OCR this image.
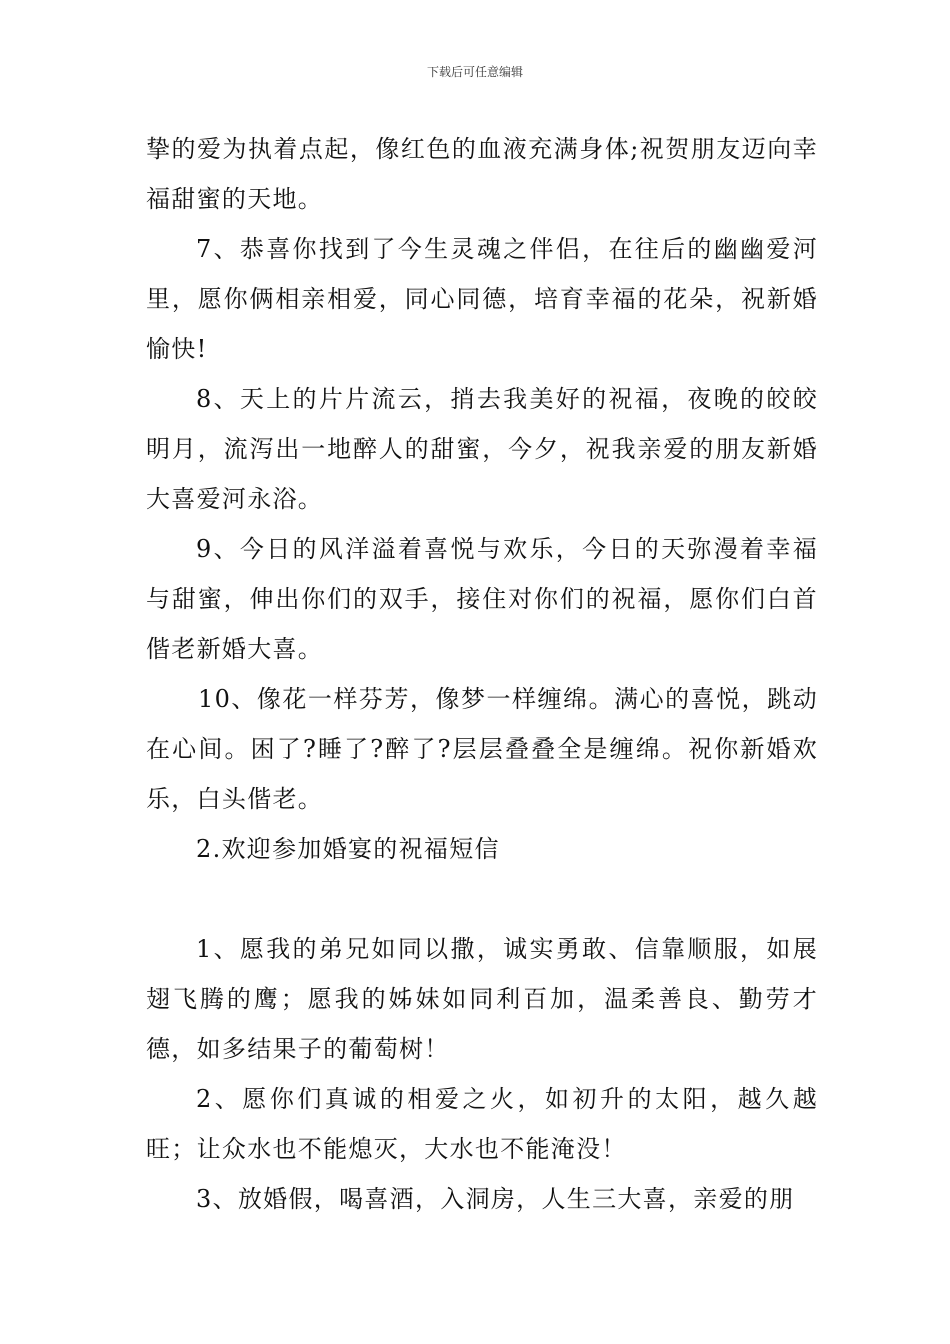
下载后可任意编辑

挚的爱为执着点起，像红色的血液充满身体;祝贺朋友迈向幸福甜蜜的天地。

7、恭喜你找到了今生灵魂之伴侣，在往后的幽幽爱河里，愿你俩相亲相爱，同心同德，培育幸福的花朵，祝新婚愉快!

8、天上的片片流云，捎去我美好的祝福，夜晚的皎皎明月，流泻出一地醉人的甜蜜，今夕，祝我亲爱的朋友新婚大喜爱河永浴。

9、今日的风洋溢着喜悦与欢乐，今日的天弥漫着幸福与甜蜜，伸出你们的双手，接住对你们的祝福，愿你们白首偕老新婚大喜。

10、像花一样芬芳，像梦一样缠绵。满心的喜悦，跳动在心间。困了?睡了?醉了?层层叠叠全是缠绵。祝你新婚欢乐，白头偕老。

2.欢迎参加婚宴的祝福短信

1、愿我的弟兄如同以撒，诚实勇敢、信靠顺服，如展翅飞腾的鹰；愿我的姊妹如同利百加，温柔善良、勤劳才德，如多结果子的葡萄树！

2、愿你们真诚的相爱之火，如初升的太阳，越久越旺；让众水也不能熄灭，大水也不能淹没！

3、放婚假，喝喜酒，入洞房，人生三大喜，亲爱的朋
